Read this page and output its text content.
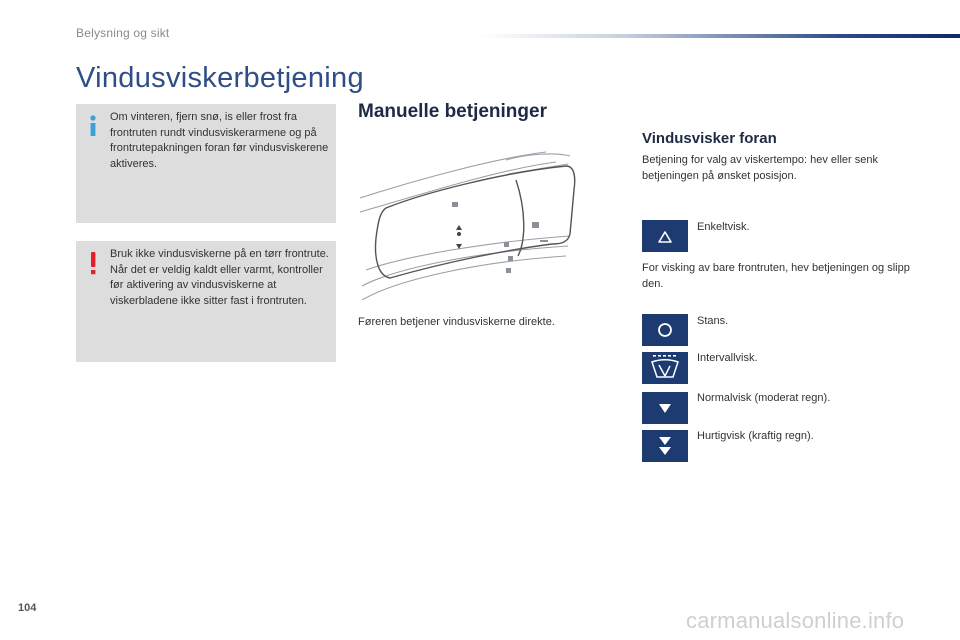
Belysning og sikt
Vindusviskerbetjening

Om vinteren, fjern snø, is eller frost fra frontruten rundt vindusviskerarmene og på frontrutepakningen foran før vindusviskerene aktiveres.

Bruk ikke vindusviskerne på en tørr frontrute. Når det er veldig kaldt eller varmt, kontroller før aktivering av vindusviskerne at viskerbladene ikke sitter fast i frontruten.

Manuelle betjeninger

Føreren betjener vindusviskerne direkte.

Vindusvisker foran

Betjening for valg av viskertempo: hev eller senk betjeningen på ønsket posisjon.

Enkeltvisk.

For visking av bare frontruten, hev betjeningen og slipp den.

Stans.
Intervallvisk.
Normalvisk (moderat regn).
Hurtigvisk (kraftig regn).
104	carmanualsonline.info
